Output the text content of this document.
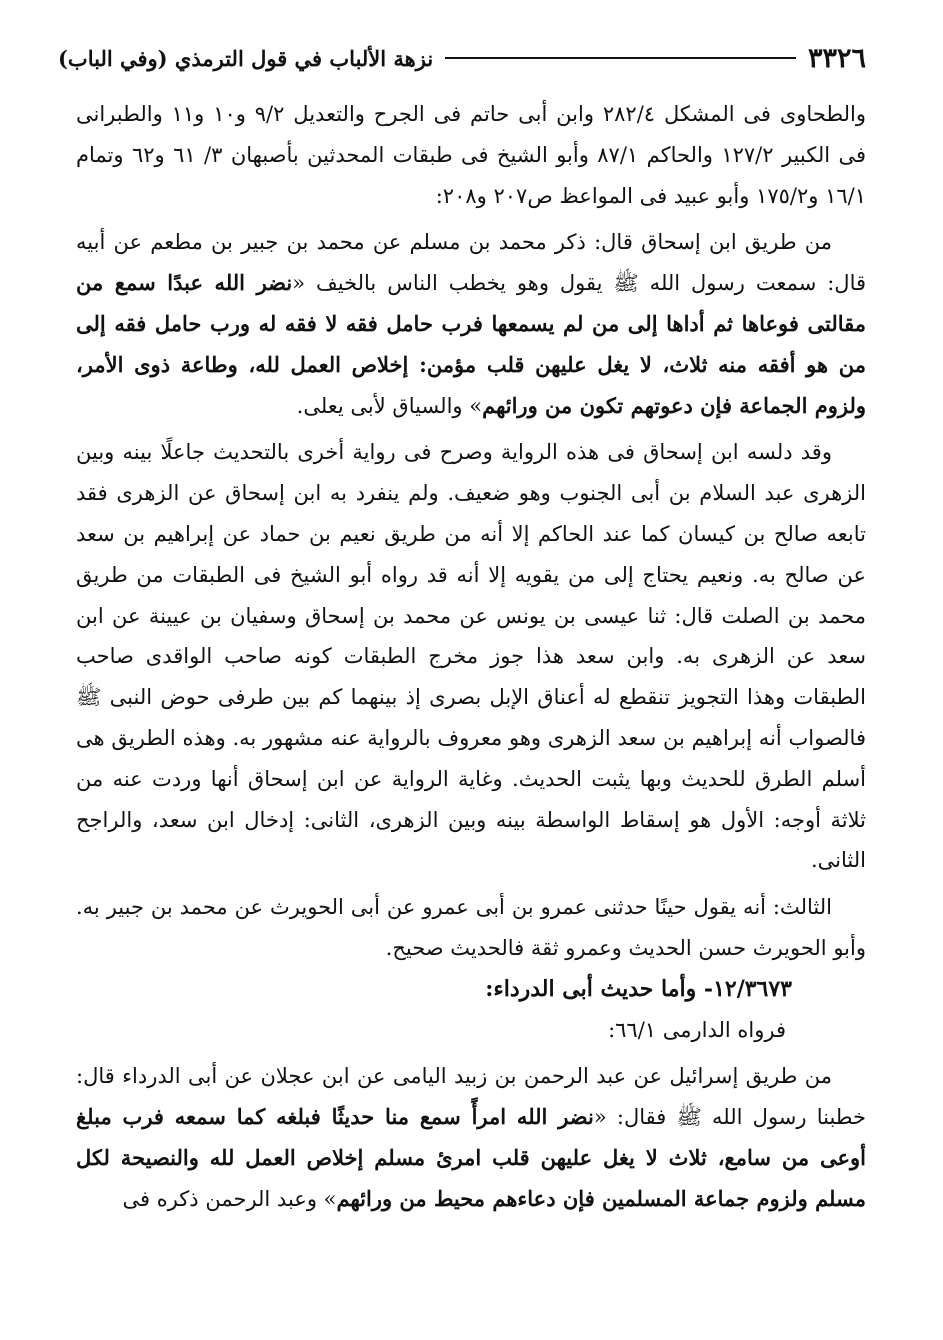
٣٣٢٦
نزهة الألباب في قول الترمذي (وفي الباب)

والطحاوى فى المشكل ٢٨٢/٤ وابن أبى حاتم فى الجرح والتعديل ٩/٢ و١٠ و١١ والطبرانى فى الكبير ١٢٧/٢ والحاكم ٨٧/١ وأبو الشيخ فى طبقات المحدثين بأصبهان ٣/ ٦١ و٦٢ وتمام ١٦/١ و١٧٥/٢ وأبو عبيد فى المواعظ ص٢٠٧ و٢٠٨:

من طريق ابن إسحاق قال: ذكر محمد بن مسلم عن محمد بن جبير بن مطعم عن أبيه قال: سمعت رسول الله ﷺ يقول وهو يخطب الناس بالخيف «نضر الله عبدًا سمع من مقالتى فوعاها ثم أداها إلى من لم يسمعها فرب حامل فقه لا فقه له ورب حامل فقه إلى من هو أفقه منه ثلاث، لا يغل عليهن قلب مؤمن: إخلاص العمل لله، وطاعة ذوى الأمر، ولزوم الجماعة فإن دعوتهم تكون من ورائهم» والسياق لأبى يعلى.

وقد دلسه ابن إسحاق فى هذه الرواية وصرح فى رواية أخرى بالتحديث جاعلًا بينه وبين الزهرى عبد السلام بن أبى الجنوب وهو ضعيف. ولم ينفرد به ابن إسحاق عن الزهرى فقد تابعه صالح بن كيسان كما عند الحاكم إلا أنه من طريق نعيم بن حماد عن إبراهيم بن سعد عن صالح به. ونعيم يحتاج إلى من يقويه إلا أنه قد رواه أبو الشيخ فى الطبقات من طريق محمد بن الصلت قال: ثنا عيسى بن يونس عن محمد بن إسحاق وسفيان بن عيينة عن ابن سعد عن الزهرى به. وابن سعد هذا جوز مخرج الطبقات كونه صاحب الواقدى صاحب الطبقات وهذا التجويز تنقطع له أعناق الإبل بصرى إذ بينهما كم بين طرفى حوض النبى ﷺ فالصواب أنه إبراهيم بن سعد الزهرى وهو معروف بالرواية عنه مشهور به. وهذه الطريق هى أسلم الطرق للحديث وبها يثبت الحديث. وغاية الرواية عن ابن إسحاق أنها وردت عنه من ثلاثة أوجه: الأول هو إسقاط الواسطة بينه وبين الزهرى، الثانى: إدخال ابن سعد، والراجح الثانى.

الثالث: أنه يقول حينًا حدثنى عمرو بن أبى عمرو عن أبى الحويرث عن محمد بن جبير به. وأبو الحويرث حسن الحديث وعمرو ثقة فالحديث صحيح.

١٢/٣٦٧٣- وأما حديث أبى الدرداء:

فرواه الدارمى ٦٦/١:

من طريق إسرائيل عن عبد الرحمن بن زبيد اليامى عن ابن عجلان عن أبى الدرداء قال: خطبنا رسول الله ﷺ فقال: «نضر الله امرأً سمع منا حديثًا فبلغه كما سمعه فرب مبلغ أوعى من سامع، ثلاث لا يغل عليهن قلب امرئ مسلم إخلاص العمل لله والنصيحة لكل مسلم ولزوم جماعة المسلمين فإن دعاءهم محيط من ورائهم» وعبد الرحمن ذكره فى
